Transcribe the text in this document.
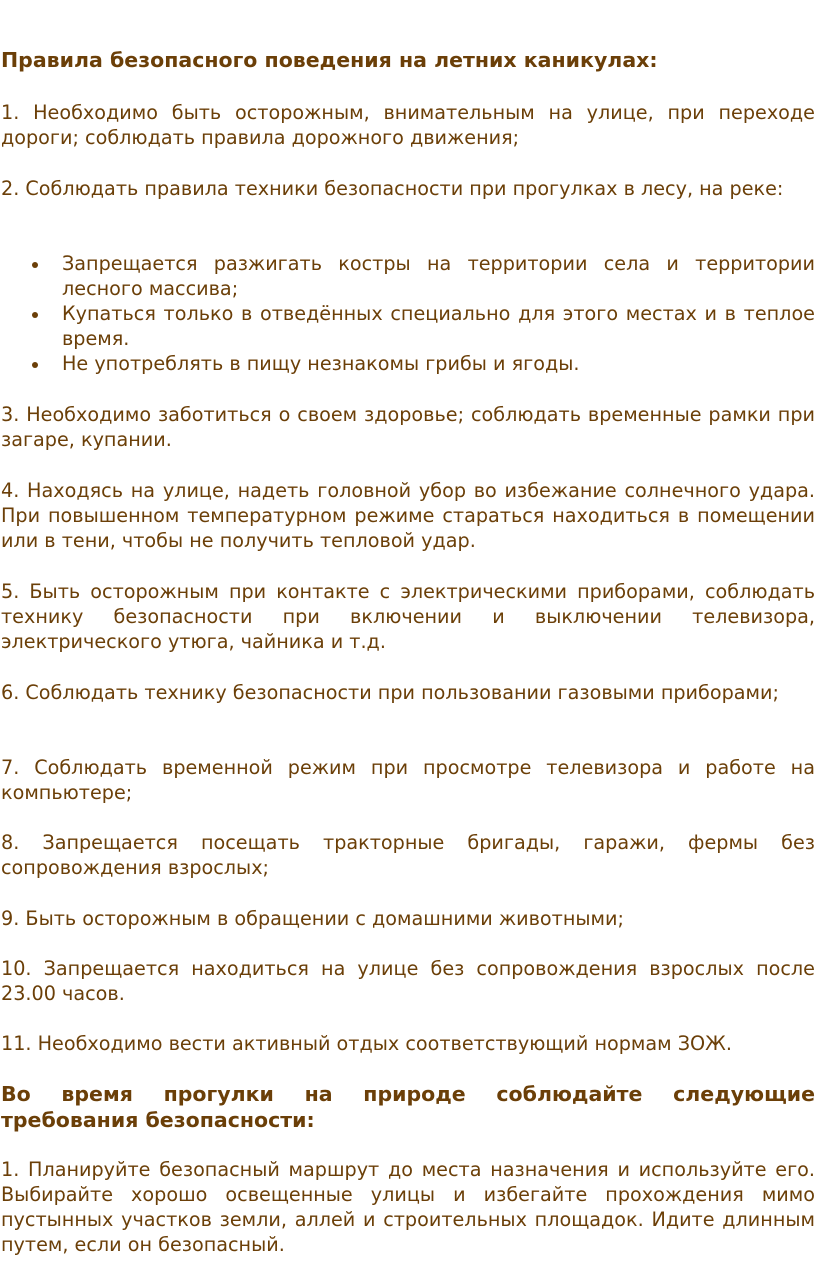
Правила безопасного поведения на летних каникулах:

1. Необходимо быть осторожным, внимательным на улице, при переходе дороги; соблюдать правила дорожного движения;

2. Соблюдать правила техники безопасности при прогулках в лесу, на реке:

Запрещается разжигать костры на территории села и территории лесного массива;
Купаться только в отведённых специально для этого местах и в теплое время.
Не употреблять в пищу незнакомы грибы и ягоды.

3. Необходимо заботиться о своем здоровье; соблюдать временные рамки при загаре, купании.

4. Находясь на улице, надеть головной убор во избежание солнечного удара. При повышенном температурном режиме стараться находиться в помещении или в тени, чтобы не получить тепловой удар.

5. Быть осторожным при контакте с электрическими приборами, соблюдать технику безопасности при включении и выключении телевизора, электрического утюга, чайника и т.д.

6. Соблюдать технику безопасности при пользовании газовыми приборами;

7. Соблюдать временной режим при просмотре телевизора и работе на компьютере;

8. Запрещается посещать тракторные бригады, гаражи, фермы без сопровождения взрослых;

9. Быть осторожным в обращении с домашними животными;

10. Запрещается находиться на улице без сопровождения взрослых после 23.00 часов.

11. Необходимо вести активный отдых соответствующий нормам ЗОЖ.

Во время прогулки на природе соблюдайте следующие требования безопасности:

1. Планируйте безопасный маршрут до места назначения и используйте его. Выбирайте хорошо освещенные улицы и избегайте прохождения мимо пустынных участков земли, аллей и строительных площадок. Идите длинным путем, если он безопасный.
